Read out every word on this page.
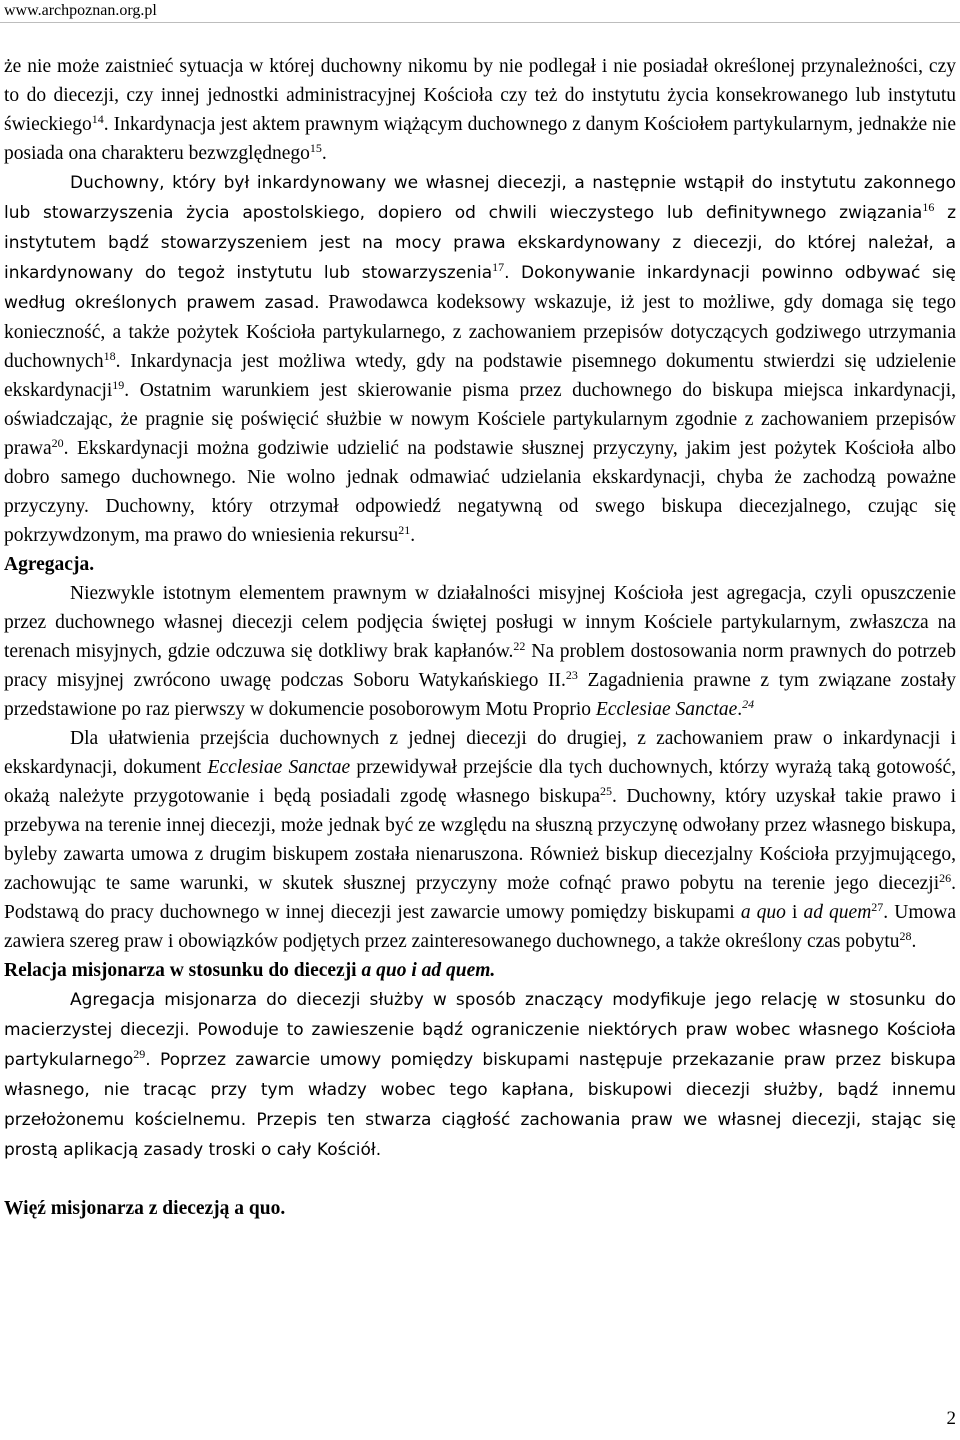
www.archpoznan.org.pl

że nie może zaistnieć sytuacja w której duchowny nikomu by nie podlegał i nie posiadał określonej przynależności, czy to do diecezji, czy innej jednostki administracyjnej Kościoła czy też do instytutu życia konsekrowanego lub instytutu świeckiego$^{14}$. Inkardynacja jest aktem prawnym wiążącym duchownego z danym Kościołem partykularnym, jednakże nie posiada ona charakteru bezwzględnego$^{15}$.

Duchowny, który był inkardynowany we własnej diecezji, a następnie wstąpił do instytutu zakonnego lub stowarzyszenia życia apostolskiego, dopiero od chwili wieczystego lub definitywnego związania$^{16}$ z instytutem bądź stowarzyszeniem jest na mocy prawa ekskardynowany z diecezji, do której należał, a inkardynowany do tegoż instytutu lub stowarzyszenia$^{17}$. Dokonywanie inkardynacji powinno odbywać się według określonych prawem zasad. Prawodawca kodeksowy wskazuje, iż jest to możliwe, gdy domaga się tego konieczność, a także pożytek Kościoła partykularnego, z zachowaniem przepisów dotyczących godziwego utrzymania duchownych$^{18}$. Inkardynacja jest możliwa wtedy, gdy na podstawie pisemnego dokumentu stwierdzi się udzielenie ekskardynacji$^{19}$. Ostatnim warunkiem jest skierowanie pisma przez duchownego do biskupa miejsca inkardynacji, oświadczając, że pragnie się poświęcić służbie w nowym Kościele partykularnym zgodnie z zachowaniem przepisów prawa$^{20}$. Ekskardynacji można godziwie udzielić na podstawie słusznej przyczyny, jakim jest pożytek Kościoła albo dobro samego duchownego. Nie wolno jednak odmawiać udzielania ekskardynacji, chyba że zachodzą poważne przyczyny. Duchowny, który otrzymał odpowiedź negatywną od swego biskupa diecezjalnego, czując się pokrzywdzonym, ma prawo do wniesienia rekursu$^{21}$.

Agregacja.

Niezwykle istotnym elementem prawnym w działalności misyjnej Kościoła jest agregacja, czyli opuszczenie przez duchownego własnej diecezji celem podjęcia świętej posługi w innym Kościele partykularnym, zwłaszcza na terenach misyjnych, gdzie odczuwa się dotkliwy brak kapłanów.$^{22}$ Na problem dostosowania norm prawnych do potrzeb pracy misyjnej zwrócono uwagę podczas Soboru Watykańskiego II.$^{23}$ Zagadnienia prawne z tym związane zostały przedstawione po raz pierwszy w dokumencie posoborowym Motu Proprio Ecclesiae Sanctae.$^{24}$

Dla ułatwienia przejścia duchownych z jednej diecezji do drugiej, z zachowaniem praw o inkardynacji i ekskardynacji, dokument Ecclesiae Sanctae przewidywał przejście dla tych duchownych, którzy wyrażą taką gotowość, okażą należyte przygotowanie i będą posiadali zgodę własnego biskupa$^{25}$. Duchowny, który uzyskał takie prawo i przebywa na terenie innej diecezji, może jednak być ze względu na słuszną przyczynę odwołany przez własnego biskupa, byleby zawarta umowa z drugim biskupem została nienaruszona. Również biskup diecezjalny Kościoła przyjmującego, zachowując te same warunki, w skutek słusznej przyczyny może cofnąć prawo pobytu na terenie jego diecezji$^{26}$. Podstawą do pracy duchownego w innej diecezji jest zawarcie umowy pomiędzy biskupami a quo i ad quem$^{27}$. Umowa zawiera szereg praw i obowiązków podjętych przez zainteresowanego duchownego, a także określony czas pobytu$^{28}$.

Relacja misjonarza w stosunku do diecezji a quo i ad quem.

Agregacja misjonarza do diecezji służby w sposób znaczący modyfikuje jego relację w stosunku do macierzystej diecezji. Powoduje to zawieszenie bądź ograniczenie niektórych praw wobec własnego Kościoła partykularnego$^{29}$. Poprzez zawarcie umowy pomiędzy biskupami następuje przekazanie praw przez biskupa własnego, nie tracąc przy tym władzy wobec tego kapłana, biskupowi diecezji służby, bądź innemu przełożonemu kościelnemu. Przepis ten stwarza ciągłość zachowania praw we własnej diecezji, stając się prostą aplikacją zasady troski o cały Kościół.

Więź misjonarza z diecezją a quo.
2
